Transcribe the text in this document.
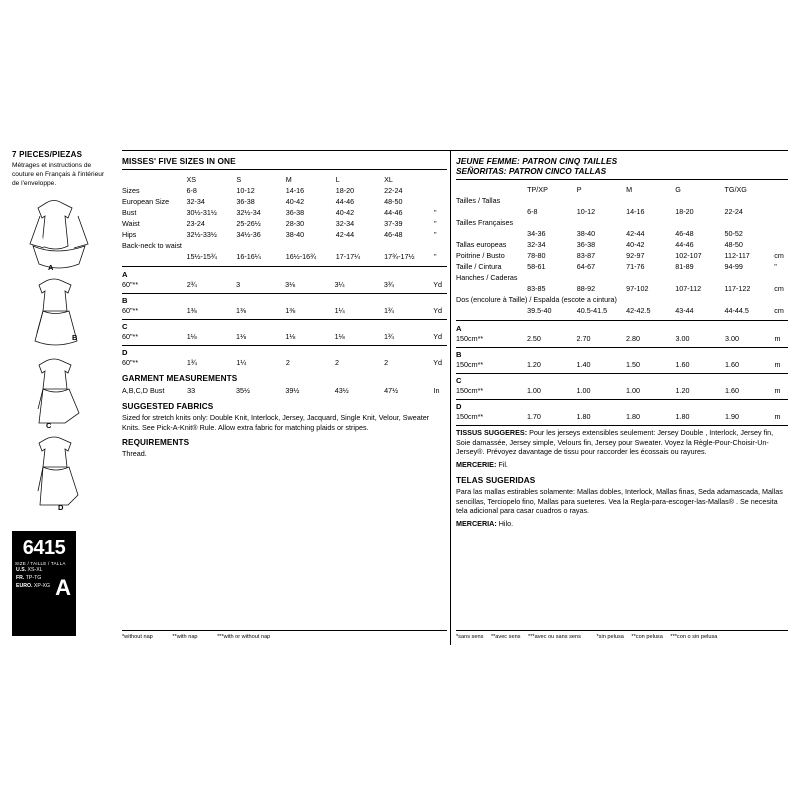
7 PIECES/PIEZAS
Métrages et instructions de couture en Français à l'intérieur de l'enveloppe.
A
B
C
D
6415
SIZE / TAILLE / TALLA
U.S. XS-XL
FR. TP-TG
EURO. XP-XG A
MISSES' FIVE SIZES IN ONE
	XS	S	M	L	XL	
Sizes	6-8	10-12	14-16	18-20	22-24	
European Size	32-34	36-38	40-42	44-46	48-50	
Bust	30½-31½	32½-34	36-38	40-42	44-46	"
Waist	23-24	25-26½	28-30	32-34	37-39	"
Hips	32½-33½	34½-36	38-40	42-44	46-48	"
Back-neck to waist						
	15½-15¾	16-16¼	16½-16¾	17-17¼	17¾-17½	"
A
60"**	2¾	3	3⅛	3¼	3¾	Yd
B
60"**	1⅜	1⅜	1⅜	1¼	1¾	Yd
C
60"**	1⅛	1⅛	1⅛	1⅛	1¾	Yd
D
60"**	1¾	1¼	2	2	2	Yd
GARMENT MEASUREMENTS
A,B,C,D Bust	33	35½	39½	43½	47½	In
SUGGESTED FABRICS
Sized for stretch knits only: Double Knit, Interlock, Jersey, Jacquard, Single Knit, Velour, Sweater Knits. See Pick-A-Knit® Rule. Allow extra fabric for matching plaids or stripes.
REQUIREMENTS
Thread.
*without nap	**with nap	***with or without nap
JEUNE FEMME: PATRON CINQ TAILLES
SEÑORITAS: PATRON CINCO TALLAS
	TP/XP	P	M	G	TG/XG	
Tailles / Tallas						
	6-8	10-12	14-16	18-20	22-24	
Tailles Françaises						
	34-36	38-40	42-44	46-48	50-52	
Tallas europeas	32-34	36-38	40-42	44-46	48-50	
Poitrine / Busto	78-80	83-87	92-97	102-107	112-117	cm
Taille / Cintura	58-61	64-67	71-76	81-89	94-99	"
Hanches / Caderas						
	83-85	88-92	97-102	107-112	117-122	cm
Dos (encolure à Taille) / Espalda (escote a cintura)						
	39.5-40	40.5-41.5	42-42.5	43-44	44-44.5	cm
A
150cm**	2.50	2.70	2.80	3.00	3.00	m
B
150cm**	1.20	1.40	1.50	1.60	1.60	m
C
150cm**	1.00	1.00	1.00	1.20	1.60	m
D
150cm**	1.70	1.80	1.80	1.80	1.90	m
TISSUS SUGGERES: Pour les jerseys extensibles seulement: Jersey Double , Interlock, Jersey fin, Soie damassée, Jersey simple, Velours fin, Jersey pour Sweater. Voyez la Règle-Pour-Choisir-Un-Jersey®. Prévoyez davantage de tissu pour raccorder les écossais ou rayures.
MERCERIE: Fil.
TELAS SUGERIDAS
Para las mallas estirables solamente: Mallas dobles, Interlock, Mallas finas, Seda adamascada, Mallas sencillas, Terciopelo fino, Mallas para sueteres. Vea la Regla-para-escoger-las-Mallas® . Se necesita tela adicional para casar cuadros o rayas.
MERCERIA: Hilo.
*sans sens **avec sens ***avec ou sans sens	*sin pelusa **con pelusa ***con o sin pelusa
